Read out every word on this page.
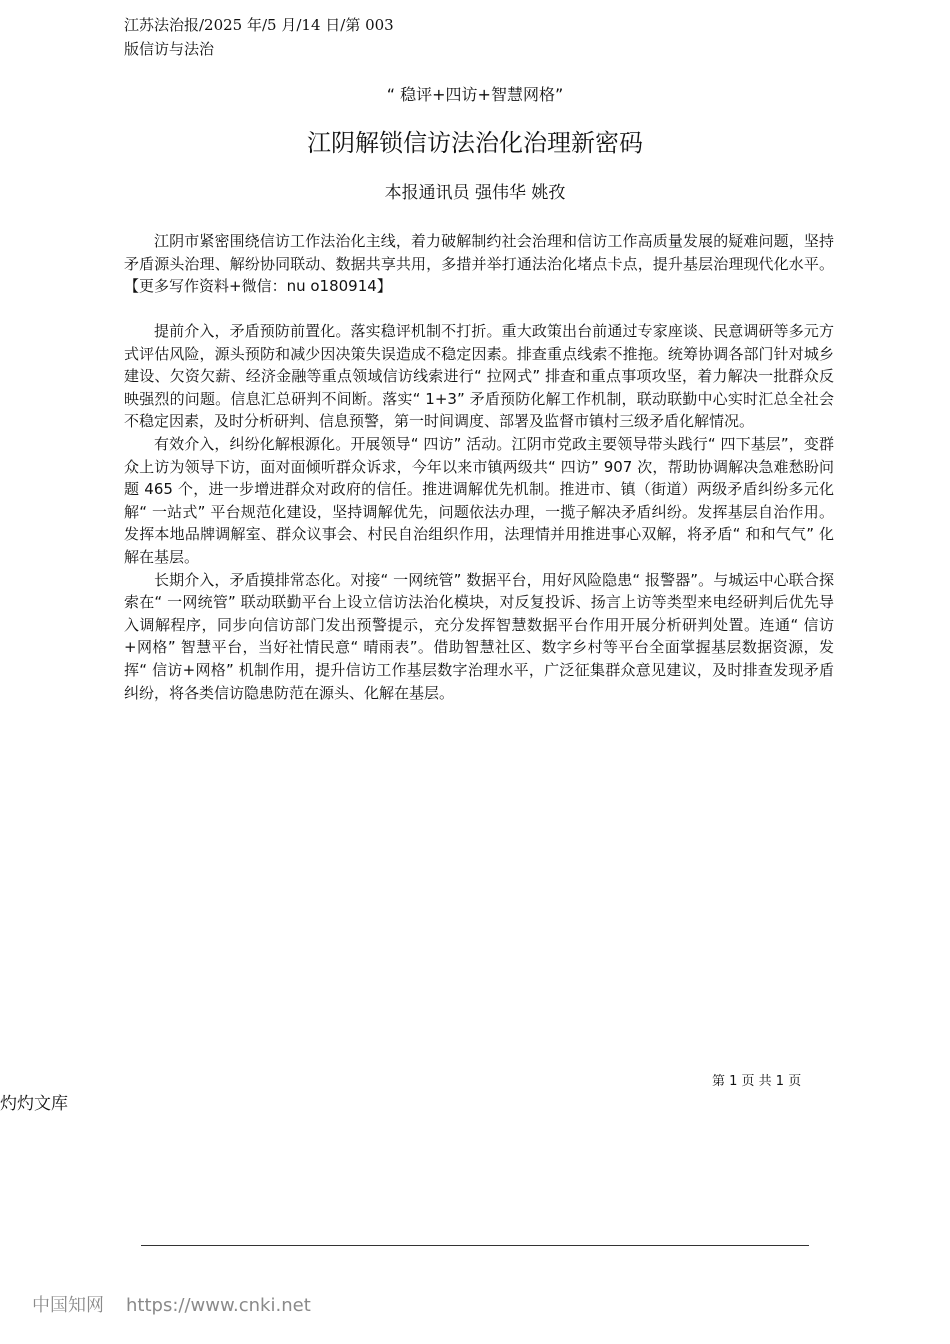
江苏法治报/2025 年/5 月/14 日/第 003
版信访与法治
“ 稳评+四访+智慧网格”
江阴解锁信访法治化治理新密码
本报通讯员 强伟华 姚孜

江阴市紧密围绕信访工作法治化主线，着力破解制约社会治理和信访工作高质量发展的疑难问题，坚持矛盾源头治理、解纷协同联动、数据共享共用，多措并举打通法治化堵点卡点，提升基层治理现代化水平。【更多写作资料+微信：nu o180914】

提前介入，矛盾预防前置化。落实稳评机制不打折。重大政策出台前通过专家座谈、民意调研等多元方式评估风险，源头预防和减少因决策失误造成不稳定因素。排查重点线索不推拖。统筹协调各部门针对城乡建设、欠资欠薪、经济金融等重点领域信访线索进行“ 拉网式” 排查和重点事项攻坚，着力解决一批群众反映强烈的问题。信息汇总研判不间断。落实“ 1+3” 矛盾预防化解工作机制，联动联勤中心实时汇总全社会不稳定因素，及时分析研判、信息预警，第一时间调度、部署及监督市镇村三级矛盾化解情况。

有效介入，纠纷化解根源化。开展领导“ 四访” 活动。江阴市党政主要领导带头践行“ 四下基层”，变群众上访为领导下访，面对面倾听群众诉求，今年以来市镇两级共“ 四访” 907 次，帮助协调解决急难愁盼问题 465 个，进一步增进群众对政府的信任。推进调解优先机制。推进市、镇（街道）两级矛盾纠纷多元化解“ 一站式” 平台规范化建设，坚持调解优先，问题依法办理，一揽子解决矛盾纠纷。发挥基层自治作用。发挥本地品牌调解室、群众议事会、村民自治组织作用，法理情并用推进事心双解，将矛盾“ 和和气气” 化解在基层。

长期介入，矛盾摸排常态化。对接“ 一网统管” 数据平台，用好风险隐患“ 报警器”。与城运中心联合探索在“ 一网统管” 联动联勤平台上设立信访法治化模块，对反复投诉、扬言上访等类型来电经研判后优先导入调解程序，同步向信访部门发出预警提示，充分发挥智慧数据平台作用开展分析研判处置。连通“ 信访+网格” 智慧平台，当好社情民意“ 晴雨表”。借助智慧社区、数字乡村等平台全面掌握基层数据资源，发挥“ 信访+网格” 机制作用，提升信访工作基层数字治理水平，广泛征集群众意见建议，及时排查发现矛盾纠纷，将各类信访隐患防范在源头、化解在基层。

第 1 页 共 1 页
灼灼文库
中国知网 https://www.cnki.net
